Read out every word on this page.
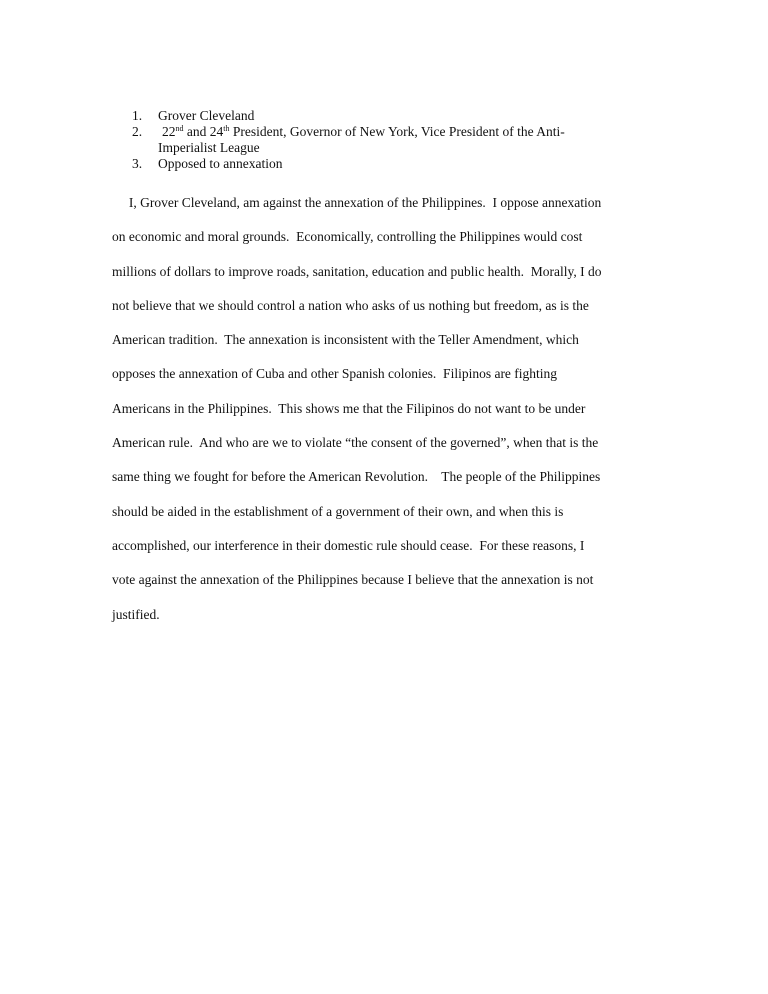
1. Grover Cleveland
2. 22nd and 24th President, Governor of New York, Vice President of the Anti-
Imperialist League
3. Opposed to annexation
I, Grover Cleveland, am against the annexation of the Philippines.  I oppose annexation
on economic and moral grounds.  Economically, controlling the Philippines would cost
millions of dollars to improve roads, sanitation, education and public health.  Morally, I do
not believe that we should control a nation who asks of us nothing but freedom, as is the
American tradition.  The annexation is inconsistent with the Teller Amendment, which
opposes the annexation of Cuba and other Spanish colonies.  Filipinos are fighting
Americans in the Philippines.  This shows me that the Filipinos do not want to be under
American rule.  And who are we to violate “the consent of the governed”, when that is the
same thing we fought for before the American Revolution.    The people of the Philippines
should be aided in the establishment of a government of their own, and when this is
accomplished, our interference in their domestic rule should cease.  For these reasons, I
vote against the annexation of the Philippines because I believe that the annexation is not
justified.
